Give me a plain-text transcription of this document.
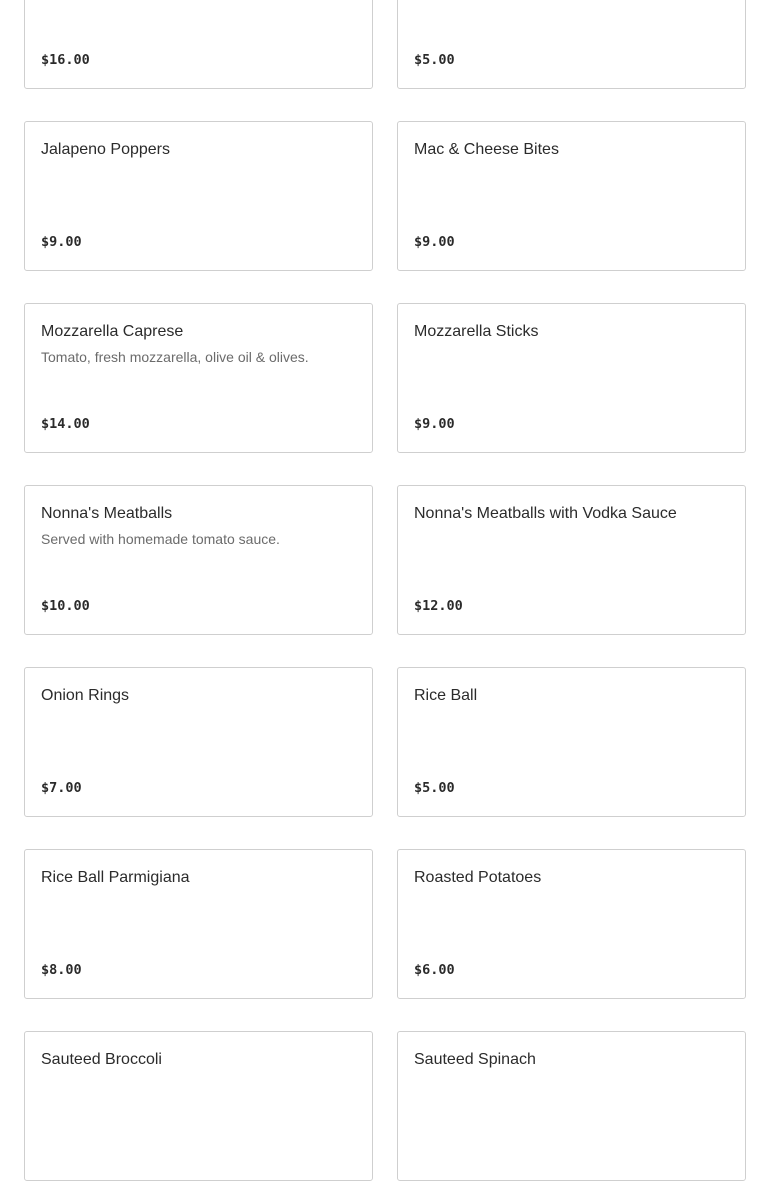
$16.00	$5.00
Jalapeno Poppers
$9.00
Mac & Cheese Bites
$9.00
Mozzarella Caprese
Tomato, fresh mozzarella, olive oil & olives.
$14.00
Mozzarella Sticks
$9.00
Nonna's Meatballs
Served with homemade tomato sauce.
$10.00
Nonna's Meatballs with Vodka Sauce
$12.00
Onion Rings
$7.00
Rice Ball
$5.00
Rice Ball Parmigiana
$8.00
Roasted Potatoes
$6.00
Sauteed Broccoli	Sauteed Spinach
